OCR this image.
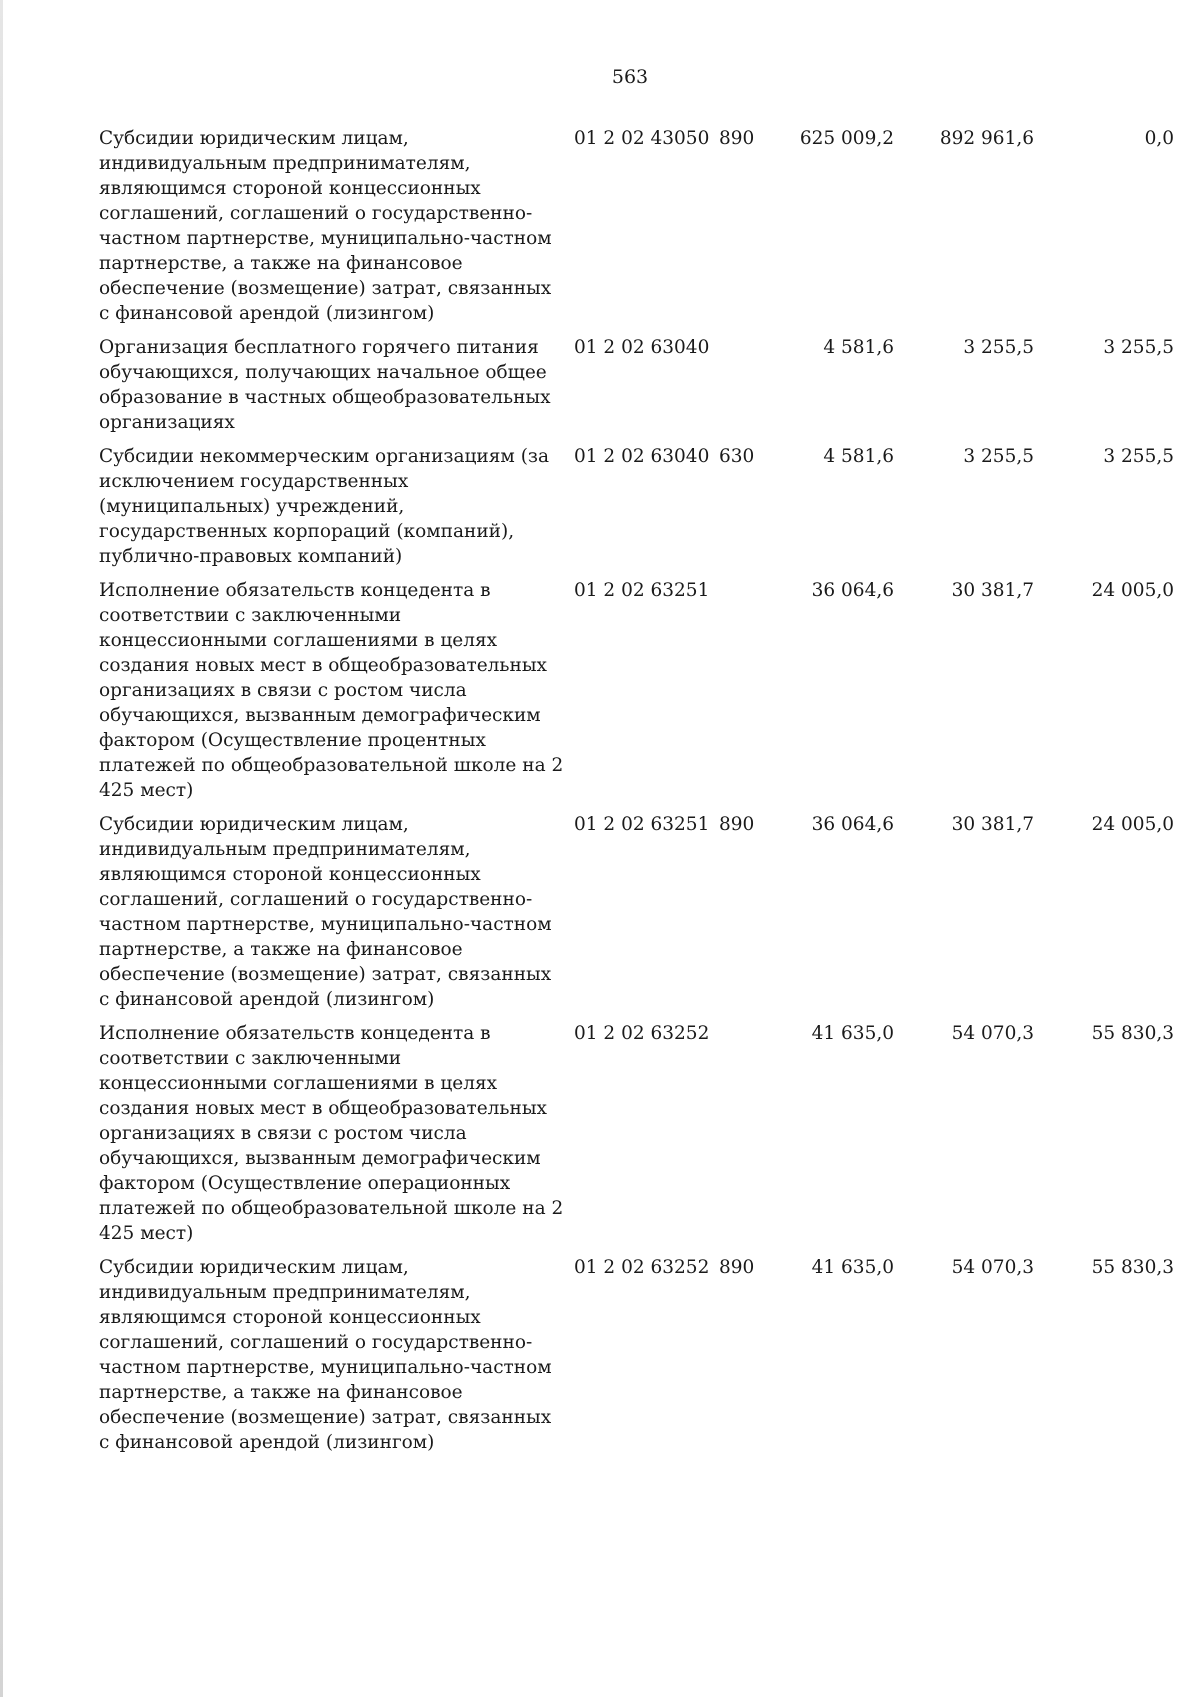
563
Субсидии юридическим лицам, индивидуальным предпринимателям, являющимся стороной концессионных соглашений, соглашений о государственно-частном партнерстве, муниципально-частном партнерстве, а также на финансовое обеспечение (возмещение) затрат, связанных с финансовой арендой (лизингом)	01 2 02 43050	890	625 009,2	892 961,6	0,0
Организация бесплатного горячего питания обучающихся, получающих начальное общее образование в частных общеобразовательных организациях	01 2 02 63040		4 581,6	3 255,5	3 255,5
Субсидии некоммерческим организациям (за исключением государственных (муниципальных) учреждений, государственных корпораций (компаний), публично-правовых компаний)	01 2 02 63040	630	4 581,6	3 255,5	3 255,5
Исполнение обязательств концедента в соответствии с заключенными концессионными соглашениями в целях создания новых мест в общеобразовательных организациях в связи с ростом числа обучающихся, вызванным демографическим фактором (Осуществление процентных платежей по общеобразовательной школе на 2 425 мест)	01 2 02 63251		36 064,6	30 381,7	24 005,0
Субсидии юридическим лицам, индивидуальным предпринимателям, являющимся стороной концессионных соглашений, соглашений о государственно-частном партнерстве, муниципально-частном партнерстве, а также на финансовое обеспечение (возмещение) затрат, связанных с финансовой арендой (лизингом)	01 2 02 63251	890	36 064,6	30 381,7	24 005,0
Исполнение обязательств концедента в соответствии с заключенными концессионными соглашениями в целях создания новых мест в общеобразовательных организациях в связи с ростом числа обучающихся, вызванным демографическим фактором (Осуществление операционных платежей по общеобразовательной школе на 2 425 мест)	01 2 02 63252		41 635,0	54 070,3	55 830,3
Субсидии юридическим лицам, индивидуальным предпринимателям, являющимся стороной концессионных соглашений, соглашений о государственно-частном партнерстве, муниципально-частном партнерстве, а также на финансовое обеспечение (возмещение) затрат, связанных с финансовой арендой (лизингом)	01 2 02 63252	890	41 635,0	54 070,3	55 830,3
